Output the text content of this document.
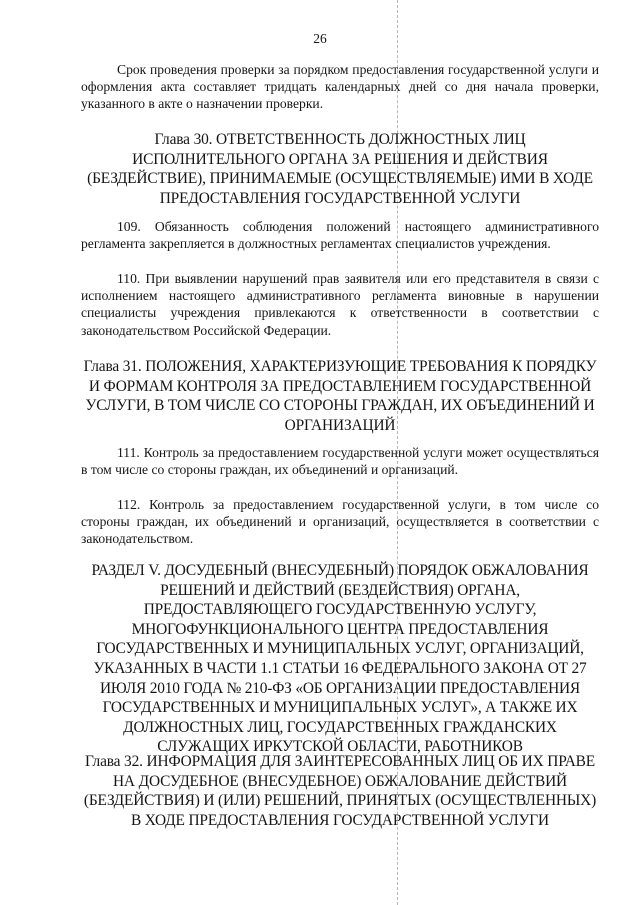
26

Срок проведения проверки за порядком предоставления государственной услуги и оформления акта составляет тридцать календарных дней со дня начала проверки, указанного в акте о назначении проверки.

Глава 30. ОТВЕТСТВЕННОСТЬ ДОЛЖНОСТНЫХ ЛИЦ ИСПОЛНИТЕЛЬНОГО ОРГАНА ЗА РЕШЕНИЯ И ДЕЙСТВИЯ (БЕЗДЕЙСТВИЕ), ПРИНИМАЕМЫЕ (ОСУЩЕСТВЛЯЕМЫЕ) ИМИ В ХОДЕ ПРЕДОСТАВЛЕНИЯ ГОСУДАРСТВЕННОЙ УСЛУГИ

109. Обязанность соблюдения положений настоящего административного регламента закрепляется в должностных регламентах специалистов учреждения.

110. При выявлении нарушений прав заявителя или его представителя в связи с исполнением настоящего административного регламента виновные в нарушении специалисты учреждения привлекаются к ответственности в соответствии с законодательством Российской Федерации.

Глава 31. ПОЛОЖЕНИЯ, ХАРАКТЕРИЗУЮЩИЕ ТРЕБОВАНИЯ К ПОРЯДКУ И ФОРМАМ КОНТРОЛЯ ЗА ПРЕДОСТАВЛЕНИЕМ ГОСУДАРСТВЕННОЙ УСЛУГИ, В ТОМ ЧИСЛЕ СО СТОРОНЫ ГРАЖДАН, ИХ ОБЪЕДИНЕНИЙ И ОРГАНИЗАЦИЙ

111. Контроль за предоставлением государственной услуги может осуществляться в том числе со стороны граждан, их объединений и организаций.

112. Контроль за предоставлением государственной услуги, в том числе со стороны граждан, их объединений и организаций, осуществляется в соответствии с законодательством.

РАЗДЕЛ V. ДОСУДЕБНЫЙ (ВНЕСУДЕБНЫЙ) ПОРЯДОК ОБЖАЛОВАНИЯ РЕШЕНИЙ И ДЕЙСТВИЙ (БЕЗДЕЙСТВИЯ) ОРГАНА, ПРЕДОСТАВЛЯЮЩЕГО ГОСУДАРСТВЕННУЮ УСЛУГУ, МНОГОФУНКЦИОНАЛЬНОГО ЦЕНТРА ПРЕДОСТАВЛЕНИЯ ГОСУДАРСТВЕННЫХ И МУНИЦИПАЛЬНЫХ УСЛУГ, ОРГАНИЗАЦИЙ, УКАЗАННЫХ В ЧАСТИ 1.1 СТАТЬИ 16 ФЕДЕРАЛЬНОГО ЗАКОНА ОТ 27 ИЮЛЯ 2010 ГОДА № 210-ФЗ «ОБ ОРГАНИЗАЦИИ ПРЕДОСТАВЛЕНИЯ ГОСУДАРСТВЕННЫХ И МУНИЦИПАЛЬНЫХ УСЛУГ», А ТАКЖЕ ИХ ДОЛЖНОСТНЫХ ЛИЦ, ГОСУДАРСТВЕННЫХ ГРАЖДАНСКИХ СЛУЖАЩИХ ИРКУТСКОЙ ОБЛАСТИ, РАБОТНИКОВ

Глава 32. ИНФОРМАЦИЯ ДЛЯ ЗАИНТЕРЕСОВАННЫХ ЛИЦ ОБ ИХ ПРАВЕ НА ДОСУДЕБНОЕ (ВНЕСУДЕБНОЕ) ОБЖАЛОВАНИЕ ДЕЙСТВИЙ (БЕЗДЕЙСТВИЯ) И (ИЛИ) РЕШЕНИЙ, ПРИНЯТЫХ (ОСУЩЕСТВЛЕННЫХ) В ХОДЕ ПРЕДОСТАВЛЕНИЯ ГОСУДАРСТВЕННОЙ УСЛУГИ
